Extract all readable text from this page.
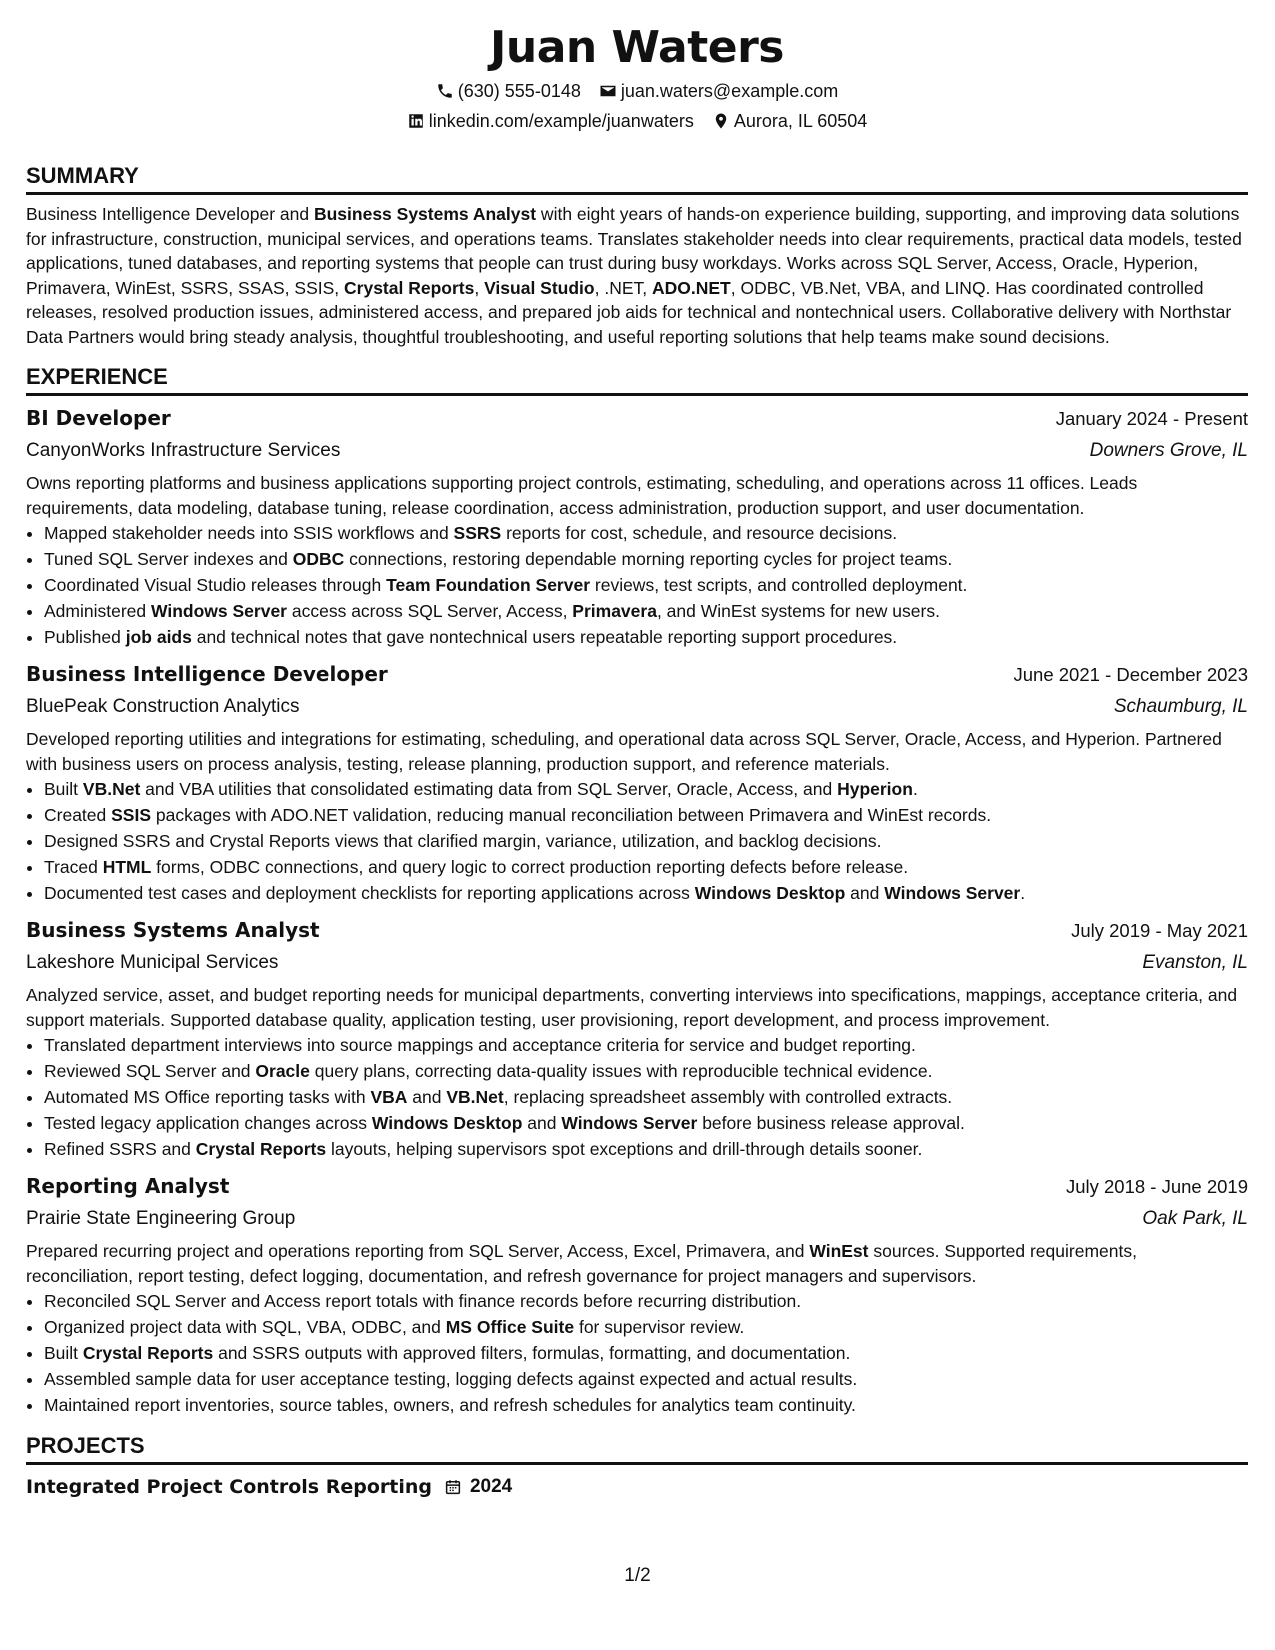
Juan Waters
(630) 555-0148 juan.waters@example.com
linkedin.com/example/juanwaters Aurora, IL 60504
SUMMARY
Business Intelligence Developer and Business Systems Analyst with eight years of hands-on experience building, supporting, and improving data solutions for infrastructure, construction, municipal services, and operations teams. Translates stakeholder needs into clear requirements, practical data models, tested applications, tuned databases, and reporting systems that people can trust during busy workdays. Works across SQL Server, Access, Oracle, Hyperion, Primavera, WinEst, SSRS, SSAS, SSIS, Crystal Reports, Visual Studio, .NET, ADO.NET, ODBC, VB.Net, VBA, and LINQ. Has coordinated controlled releases, resolved production issues, administered access, and prepared job aids for technical and nontechnical users. Collaborative delivery with Northstar Data Partners would bring steady analysis, thoughtful troubleshooting, and useful reporting solutions that help teams make sound decisions.
EXPERIENCE
BI Developer	January 2024 - Present
CanyonWorks Infrastructure Services	Downers Grove, IL
Owns reporting platforms and business applications supporting project controls, estimating, scheduling, and operations across 11 offices. Leads requirements, data modeling, database tuning, release coordination, access administration, production support, and user documentation.
• Mapped stakeholder needs into SSIS workflows and SSRS reports for cost, schedule, and resource decisions.
• Tuned SQL Server indexes and ODBC connections, restoring dependable morning reporting cycles for project teams.
• Coordinated Visual Studio releases through Team Foundation Server reviews, test scripts, and controlled deployment.
• Administered Windows Server access across SQL Server, Access, Primavera, and WinEst systems for new users.
• Published job aids and technical notes that gave nontechnical users repeatable reporting support procedures.
Business Intelligence Developer	June 2021 - December 2023
BluePeak Construction Analytics	Schaumburg, IL
Developed reporting utilities and integrations for estimating, scheduling, and operational data across SQL Server, Oracle, Access, and Hyperion. Partnered with business users on process analysis, testing, release planning, production support, and reference materials.
• Built VB.Net and VBA utilities that consolidated estimating data from SQL Server, Oracle, Access, and Hyperion.
• Created SSIS packages with ADO.NET validation, reducing manual reconciliation between Primavera and WinEst records.
• Designed SSRS and Crystal Reports views that clarified margin, variance, utilization, and backlog decisions.
• Traced HTML forms, ODBC connections, and query logic to correct production reporting defects before release.
• Documented test cases and deployment checklists for reporting applications across Windows Desktop and Windows Server.
Business Systems Analyst	July 2019 - May 2021
Lakeshore Municipal Services	Evanston, IL
Analyzed service, asset, and budget reporting needs for municipal departments, converting interviews into specifications, mappings, acceptance criteria, and support materials. Supported database quality, application testing, user provisioning, report development, and process improvement.
• Translated department interviews into source mappings and acceptance criteria for service and budget reporting.
• Reviewed SQL Server and Oracle query plans, correcting data-quality issues with reproducible technical evidence.
• Automated MS Office reporting tasks with VBA and VB.Net, replacing spreadsheet assembly with controlled extracts.
• Tested legacy application changes across Windows Desktop and Windows Server before business release approval.
• Refined SSRS and Crystal Reports layouts, helping supervisors spot exceptions and drill-through details sooner.
Reporting Analyst	July 2018 - June 2019
Prairie State Engineering Group	Oak Park, IL
Prepared recurring project and operations reporting from SQL Server, Access, Excel, Primavera, and WinEst sources. Supported requirements, reconciliation, report testing, defect logging, documentation, and refresh governance for project managers and supervisors.
• Reconciled SQL Server and Access report totals with finance records before recurring distribution.
• Organized project data with SQL, VBA, ODBC, and MS Office Suite for supervisor review.
• Built Crystal Reports and SSRS outputs with approved filters, formulas, formatting, and documentation.
• Assembled sample data for user acceptance testing, logging defects against expected and actual results.
• Maintained report inventories, source tables, owners, and refresh schedules for analytics team continuity.
PROJECTS
Integrated Project Controls Reporting 2024
1/2
